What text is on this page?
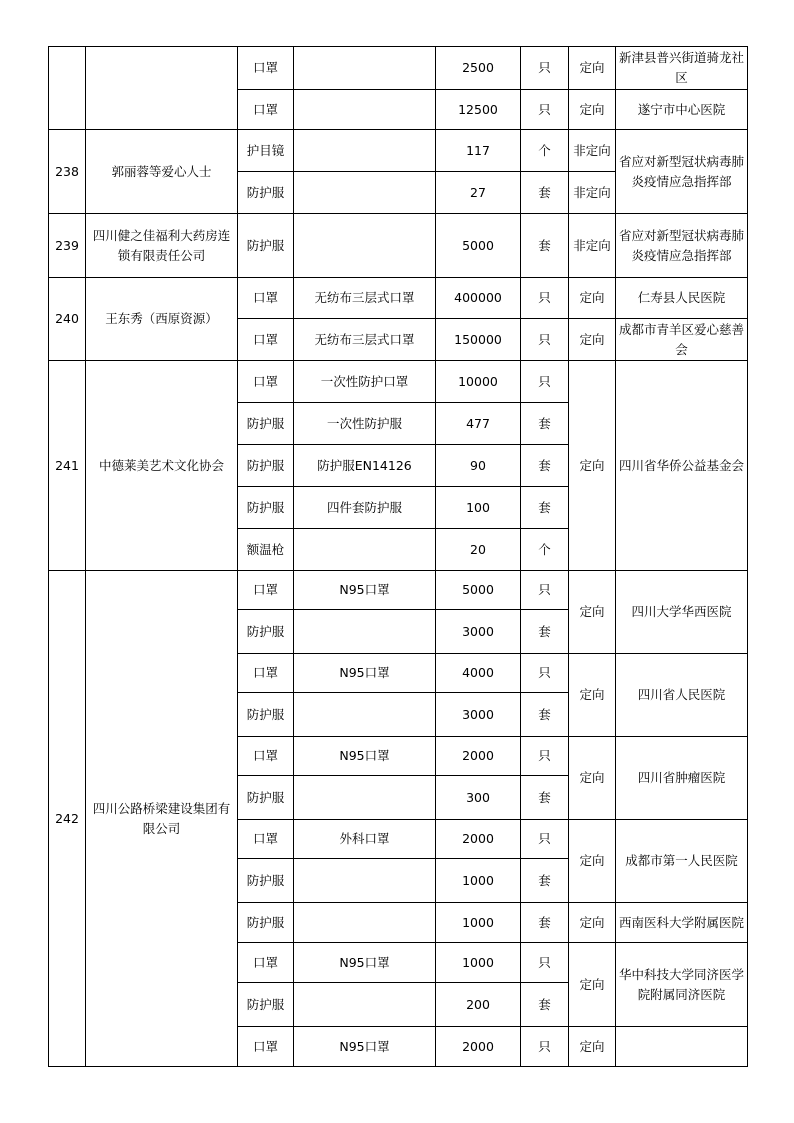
		口罩		2500	只	定向	新津县普兴街道骑龙社区
		口罩		12500	只	定向	遂宁市中心医院
238	郭丽蓉等爱心人士	护目镜		117	个	非定向	省应对新型冠状病毒肺炎疫情应急指挥部
		防护服		27	套	非定向	
239	四川健之佳福利大药房连锁有限责任公司	防护服		5000	套	非定向	省应对新型冠状病毒肺炎疫情应急指挥部
240	王东秀（西原资源）	口罩	无纺布三层式口罩	400000	只	定向	仁寿县人民医院
		口罩	无纺布三层式口罩	150000	只	定向	成都市青羊区爱心慈善会
241	中德莱美艺术文化协会	口罩	一次性防护口罩	10000	只	定向	四川省华侨公益基金会
		防护服	一次性防护服	477	套		
		防护服	防护服EN14126	90	套		
		防护服	四件套防护服	100	套		
		额温枪		20	个		
242	四川公路桥梁建设集团有限公司	口罩	N95口罩	5000	只	定向	四川大学华西医院
		防护服		3000	套		
		口罩	N95口罩	4000	只	定向	四川省人民医院
		防护服		3000	套		
		口罩	N95口罩	2000	只	定向	四川省肿瘤医院
		防护服		300	套		
		口罩	外科口罩	2000	只	定向	成都市第一人民医院
		防护服		1000	套		
		防护服		1000	套	定向	西南医科大学附属医院
		口罩	N95口罩	1000	只	定向	华中科技大学同济医学院附属同济医院
		防护服		200	套		
		口罩	N95口罩	2000	只	定向	
